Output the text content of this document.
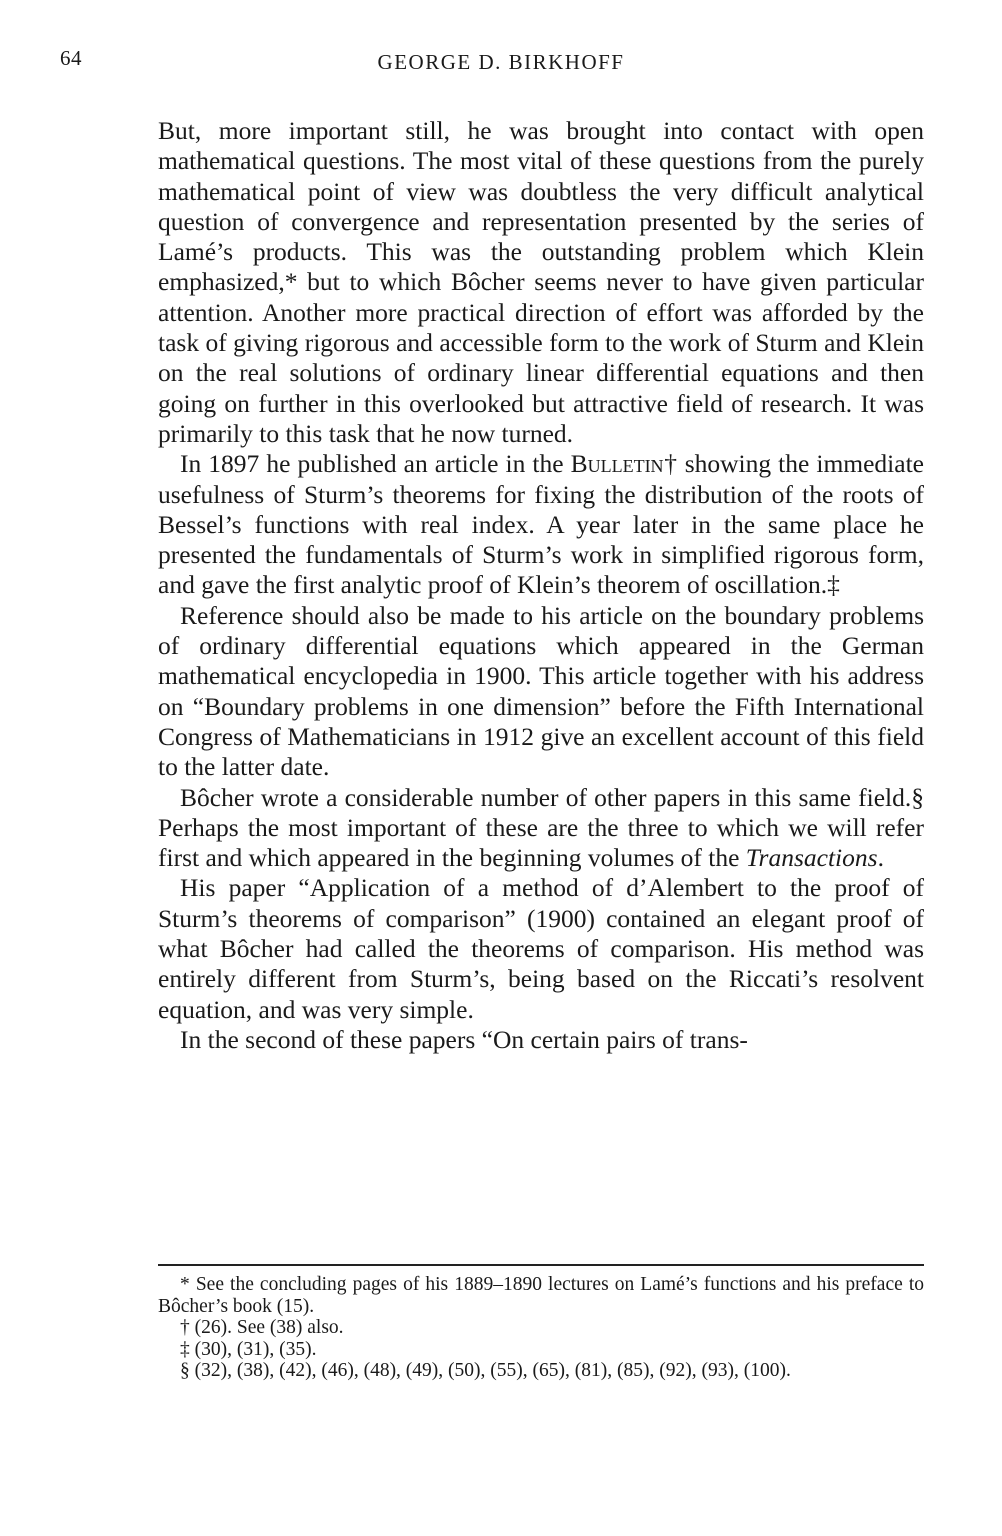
64	GEORGE D. BIRKHOFF

But, more important still, he was brought into contact with open mathematical questions. The most vital of these questions from the purely mathematical point of view was doubtless the very difficult analytical question of convergence and representation presented by the series of Lamé’s products. This was the outstanding problem which Klein emphasized,* but to which Bôcher seems never to have given particular attention. Another more practical direction of effort was afforded by the task of giving rigorous and accessible form to the work of Sturm and Klein on the real solutions of ordinary linear differential equations and then going on further in this overlooked but attractive field of research. It was primarily to this task that he now turned.

In 1897 he published an article in the Bulletin† showing the immediate usefulness of Sturm’s theorems for fixing the distribution of the roots of Bessel’s functions with real index. A year later in the same place he presented the fundamentals of Sturm’s work in simplified rigorous form, and gave the first analytic proof of Klein’s theorem of oscillation.‡

Reference should also be made to his article on the boundary problems of ordinary differential equations which appeared in the German mathematical encyclopedia in 1900. This article together with his address on “Boundary problems in one dimension” before the Fifth International Congress of Mathematicians in 1912 give an excellent account of this field to the latter date.

Bôcher wrote a considerable number of other papers in this same field.§ Perhaps the most important of these are the three to which we will refer first and which appeared in the beginning volumes of the Transactions.

His paper “Application of a method of d’Alembert to the proof of Sturm’s theorems of comparison” (1900) contained an elegant proof of what Bôcher had called the theorems of comparison. His method was entirely different from Sturm’s, being based on the Riccati’s resolvent equation, and was very simple.

In the second of these papers “On certain pairs of trans-

* See the concluding pages of his 1889–1890 lectures on Lamé’s functions and his preface to Bôcher’s book (15).

† (26). See (38) also.

‡ (30), (31), (35).

§ (32), (38), (42), (46), (48), (49), (50), (55), (65), (81), (85), (92), (93), (100).
